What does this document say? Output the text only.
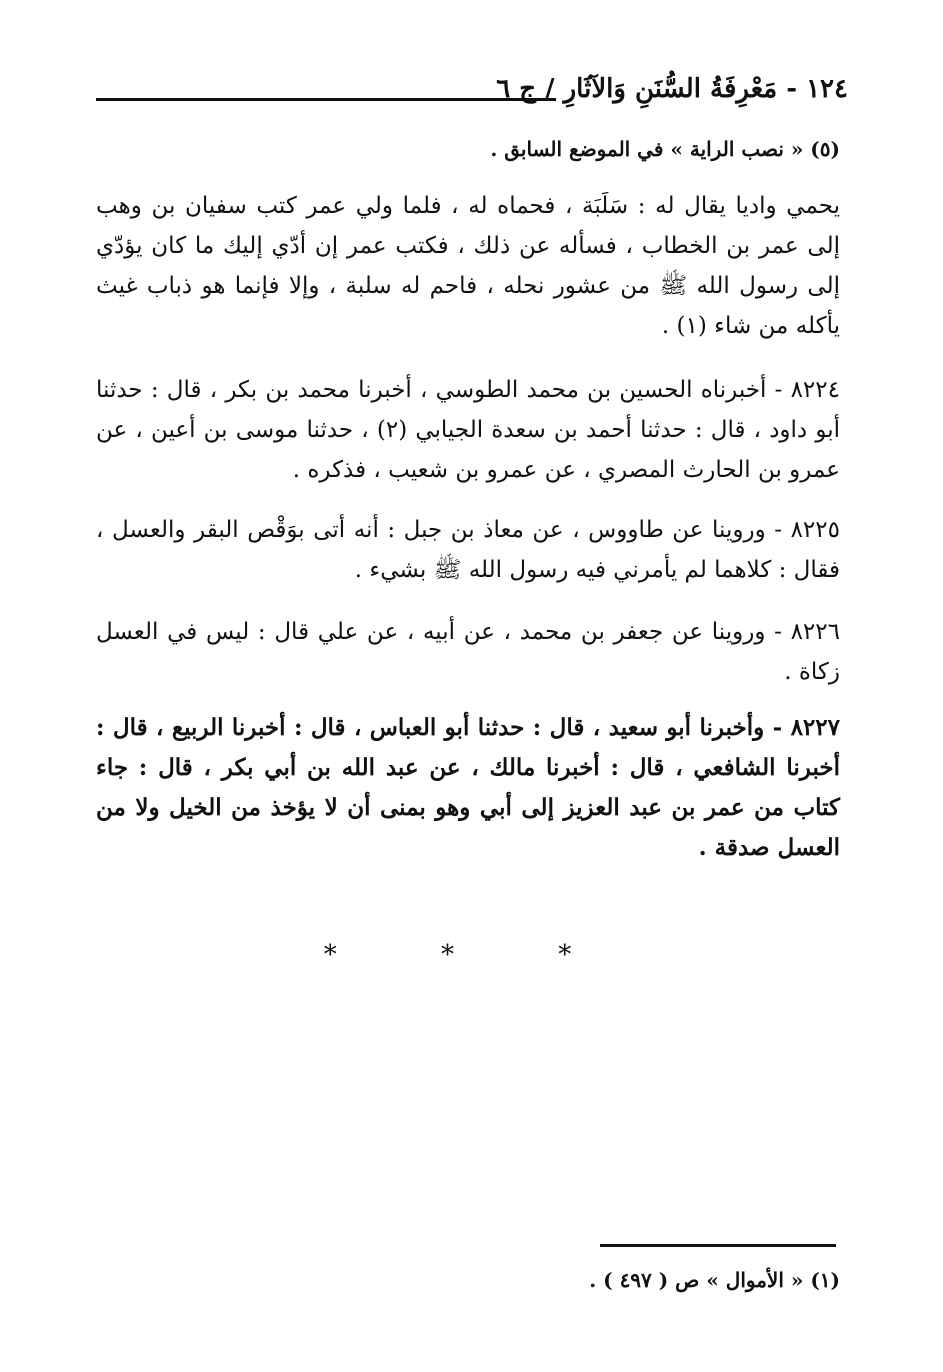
١٢٤ - مَعْرِفَةُ السُّنَنِ وَالآثَارِ / ج ٦
(٥) « نصب الراية » في الموضع السابق .
يحمي واديا يقال له : سَلَبَة ، فحماه له ، فلما ولي عمر كتب سفيان بن وهب إلى عمر بن الخطاب ، فسأله عن ذلك ، فكتب عمر إن أدّي إليك ما كان يؤدّي إلى رسول الله ﷺ من عشور نحله ، فاحم له سلبة ، وإلا فإنما هو ذباب غيث يأكله من شاء (١) .
٨٢٢٤ - أخبرناه الحسين بن محمد الطوسي ، أخبرنا محمد بن بكر ، قال : حدثنا أبو داود ، قال : حدثنا أحمد بن سعدة الجيابي (٢) ، حدثنا موسى بن أعين ، عن عمرو بن الحارث المصري ، عن عمرو بن شعيب ، فذكره .
٨٢٢٥ - وروينا عن طاووس ، عن معاذ بن جبل : أنه أتى بوَقْص البقر والعسل ، فقال : كلاهما لم يأمرني فيه رسول الله ﷺ بشيء .
٨٢٢٦ - وروينا عن جعفر بن محمد ، عن أبيه ، عن علي قال : ليس في العسل زكاة .
٨٢٢٧ - وأخبرنا أبو سعيد ، قال : حدثنا أبو العباس ، قال : أخبرنا الربيع ، قال : أخبرنا الشافعي ، قال : أخبرنا مالك ، عن عبد الله بن أبي بكر ، قال : جاء كتاب من عمر بن عبد العزيز إلى أبي وهو بمنى أن لا يؤخذ من الخيل ولا من العسل صدقة .
* * *
(١) « الأموال » ص ( ٤٩٧ ) .
